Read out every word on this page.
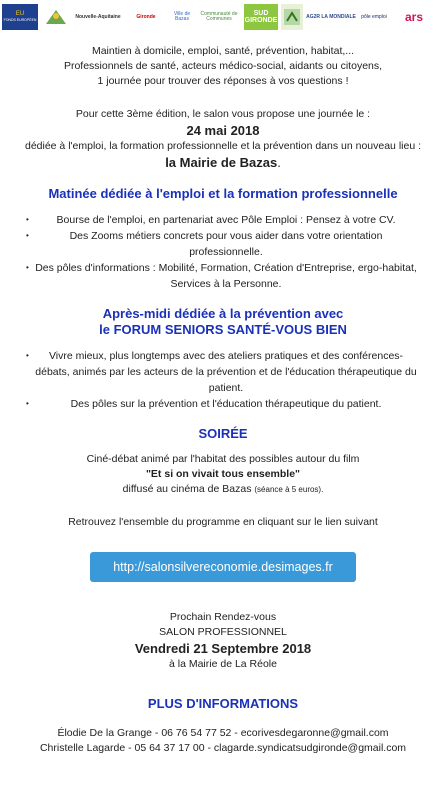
EU
FONDS EUROPÉEN
Nouvelle-Aquitaine	Gironde	Ville de Bazas
Communauté de Communes
SUD GIRONDE
AG2R LA MONDIALE	pôle emploi	ars
Maintien à domicile, emploi, santé, prévention, habitat,...
Professionnels de santé, acteurs médico-social, aidants ou citoyens,
1 journée pour trouver des réponses à vos questions !
Pour cette 3ème édition, le salon vous propose une journée le :
24 mai 2018
dédiée à l'emploi, la formation professionnelle et la prévention dans un nouveau lieu :
la Mairie de Bazas.
Matinée dédiée à l'emploi et la formation professionnelle
• Bourse de l'emploi, en partenariat avec Pôle Emploi : Pensez à votre CV.
• Des Zooms métiers concrets pour vous aider dans votre orientation professionnelle.
• Des pôles d'informations : Mobilité, Formation, Création d'Entreprise, ergo-habitat, Services à la Personne.
Après-midi dédiée à la prévention avec
le FORUM SENIORS SANTÉ-VOUS BIEN
• Vivre mieux, plus longtemps avec des ateliers pratiques et des conférences-débats, animés par les acteurs de la prévention et de l'éducation thérapeutique du patient.
• Des pôles sur la prévention et l'éducation thérapeutique du patient.
SOIRÉE
Ciné-débat animé par l'habitat des possibles autour du film
"Et si on vivait tous ensemble"
diffusé au cinéma de Bazas (séance à 5 euros).
Retrouvez l'ensemble du programme en cliquant sur le lien suivant
http://salonsilvereconomie.desimages.fr
Prochain Rendez-vous
SALON PROFESSIONNEL
Vendredi 21 Septembre 2018
à la Mairie de La Réole
PLUS D'INFORMATIONS
Élodie De la Grange - 06 76 54 77 52 - ecorivesdegaronne@gmail.com
Christelle Lagarde - 05 64 37 17 00 - clagarde.syndicatsudgironde@gmail.com
